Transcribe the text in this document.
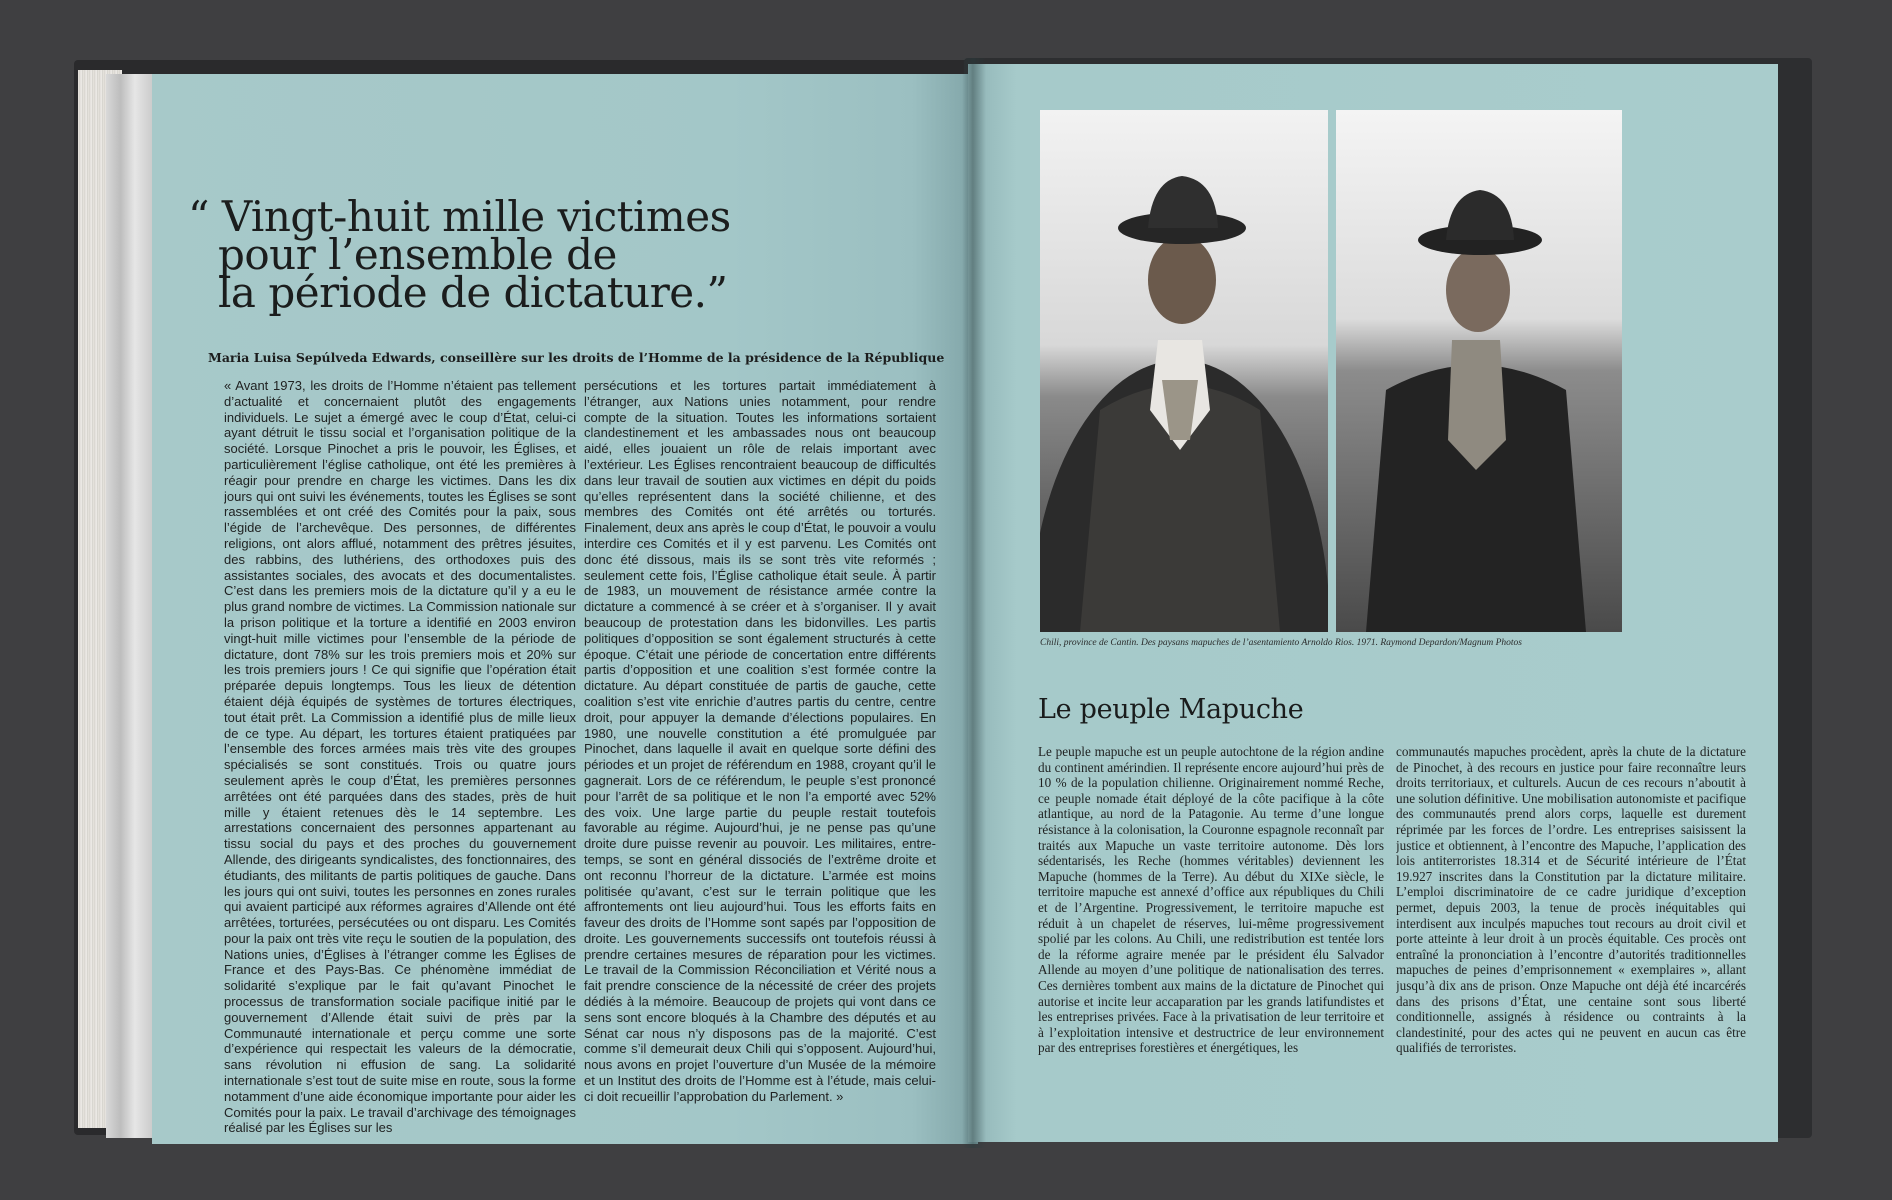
“ Vingt-huit mille victimes
pour l’ensemble de
la période de dictature.”
Maria Luisa Sepúlveda Edwards, conseillère sur les droits de l’Homme de la présidence de la République
« Avant 1973, les droits de l’Homme n’étaient pas tellement d’actualité et concernaient plutôt des engagements individuels. Le sujet a émergé avec le coup d’État, celui-ci ayant détruit le tissu social et l’organisation politique de la société. Lorsque Pinochet a pris le pouvoir, les Églises, et particulièrement l’église catholique, ont été les premières à réagir pour prendre en charge les victimes. Dans les dix jours qui ont suivi les événements, toutes les Églises se sont rassemblées et ont créé des Comités pour la paix, sous l’égide de l’archevêque. Des personnes, de différentes religions, ont alors afflué, notamment des prêtres jésuites, des rabbins, des luthériens, des orthodoxes puis des assistantes sociales, des avocats et des documentalistes. C’est dans les premiers mois de la dictature qu’il y a eu le plus grand nombre de victimes. La Commission nationale sur la prison politique et la torture a identifié en 2003 environ vingt-huit mille victimes pour l’ensemble de la période de dictature, dont 78% sur les trois premiers mois et 20% sur les trois premiers jours ! Ce qui signifie que l’opération était préparée depuis longtemps. Tous les lieux de détention étaient déjà équipés de systèmes de tortures électriques, tout était prêt. La Commission a identifié plus de mille lieux de ce type. Au départ, les tortures étaient pratiquées par l’ensemble des forces armées mais très vite des groupes spécialisés se sont constitués. Trois ou quatre jours seulement après le coup d’État, les premières personnes arrêtées ont été parquées dans des stades, près de huit mille y étaient retenues dès le 14 septembre. Les arrestations concernaient des personnes appartenant au tissu social du pays et des proches du gouvernement Allende, des dirigeants syndicalistes, des fonctionnaires, des étudiants, des militants de partis politiques de gauche. Dans les jours qui ont suivi, toutes les personnes en zones rurales qui avaient participé aux réformes agraires d’Allende ont été arrêtées, torturées, persécutées ou ont disparu. Les Comités pour la paix ont très vite reçu le soutien de la population, des Nations unies, d’Églises à l’étranger comme les Églises de France et des Pays-Bas. Ce phénomène immédiat de solidarité s’explique par le fait qu’avant Pinochet le processus de transformation sociale pacifique initié par le gouvernement d’Allende était suivi de près par la Communauté internationale et perçu comme une sorte d’expérience qui respectait les valeurs de la démocratie, sans révolution ni effusion de sang. La solidarité internationale s’est tout de suite mise en route, sous la forme notamment d’une aide économique importante pour aider les Comités pour la paix. Le travail d’archivage des témoignages réalisé par les Églises sur les
persécutions et les tortures partait immédiatement à l’étranger, aux Nations unies notamment, pour rendre compte de la situation. Toutes les informations sortaient clandestinement et les ambassades nous ont beaucoup aidé, elles jouaient un rôle de relais important avec l’extérieur. Les Églises rencontraient beaucoup de difficultés dans leur travail de soutien aux victimes en dépit du poids qu’elles représentent dans la société chilienne, et des membres des Comités ont été arrêtés ou torturés. Finalement, deux ans après le coup d’État, le pouvoir a voulu interdire ces Comités et il y est parvenu. Les Comités ont donc été dissous, mais ils se sont très vite reformés ; seulement cette fois, l’Église catholique était seule. À partir de 1983, un mouvement de résistance armée contre la dictature a commencé à se créer et à s’organiser. Il y avait beaucoup de protestation dans les bidonvilles. Les partis politiques d’opposition se sont également structurés à cette époque. C’était une période de concertation entre différents partis d’opposition et une coalition s’est formée contre la dictature. Au départ constituée de partis de gauche, cette coalition s’est vite enrichie d’autres partis du centre, centre droit, pour appuyer la demande d’élections populaires. En 1980, une nouvelle constitution a été promulguée par Pinochet, dans laquelle il avait en quelque sorte défini des périodes et un projet de référendum en 1988, croyant qu’il le gagnerait. Lors de ce référendum, le peuple s’est prononcé pour l’arrêt de sa politique et le non l’a emporté avec 52% des voix. Une large partie du peuple restait toutefois favorable au régime. Aujourd’hui, je ne pense pas qu’une droite dure puisse revenir au pouvoir. Les militaires, entre-temps, se sont en général dissociés de l’extrême droite et ont reconnu l’horreur de la dictature. L’armée est moins politisée qu’avant, c’est sur le terrain politique que les affrontements ont lieu aujourd’hui. Tous les efforts faits en faveur des droits de l’Homme sont sapés par l’opposition de droite. Les gouvernements successifs ont toutefois réussi à prendre certaines mesures de réparation pour les victimes. Le travail de la Commission Réconciliation et Vérité nous a fait prendre conscience de la nécessité de créer des projets dédiés à la mémoire. Beaucoup de projets qui vont dans ce sens sont encore bloqués à la Chambre des députés et au Sénat car nous n’y disposons pas de la majorité. C’est comme s’il demeurait deux Chili qui s’opposent. Aujourd’hui, nous avons en projet l’ouverture d’un Musée de la mémoire et un Institut des droits de l’Homme est à l’étude, mais celui-ci doit recueillir l’approbation du Parlement. »
Chili, province de Cantin. Des paysans mapuches de l’asentamiento Arnoldo Rios. 1971. Raymond Depardon/Magnum Photos
Le peuple Mapuche
Le peuple mapuche est un peuple autochtone de la région andine du continent amérindien. Il représente encore aujourd’hui près de 10 % de la population chilienne. Originairement nommé Reche, ce peuple nomade était déployé de la côte pacifique à la côte atlantique, au nord de la Patagonie. Au terme d’une longue résistance à la colonisation, la Couronne espagnole reconnaît par traités aux Mapuche un vaste territoire autonome. Dès lors sédentarisés, les Reche (hommes véritables) deviennent les Mapuche (hommes de la Terre). Au début du XIXe siècle, le territoire mapuche est annexé d’office aux républiques du Chili et de l’Argentine. Progressivement, le territoire mapuche est réduit à un chapelet de réserves, lui-même progressivement spolié par les colons. Au Chili, une redistribution est tentée lors de la réforme agraire menée par le président élu Salvador Allende au moyen d’une politique de nationalisation des terres. Ces dernières tombent aux mains de la dictature de Pinochet qui autorise et incite leur accaparation par les grands latifundistes et les entreprises privées. Face à la privatisation de leur territoire et à l’exploitation intensive et destructrice de leur environnement par des entreprises forestières et énergétiques, les
communautés mapuches procèdent, après la chute de la dictature de Pinochet, à des recours en justice pour faire reconnaître leurs droits territoriaux, et culturels. Aucun de ces recours n’aboutit à une solution définitive. Une mobilisation autonomiste et pacifique des communautés prend alors corps, laquelle est durement réprimée par les forces de l’ordre. Les entreprises saisissent la justice et obtiennent, à l’encontre des Mapuche, l’application des lois antiterroristes 18.314 et de Sécurité intérieure de l’État 19.927 inscrites dans la Constitution par la dictature militaire. L’emploi discriminatoire de ce cadre juridique d’exception permet, depuis 2003, la tenue de procès inéquitables qui interdisent aux inculpés mapuches tout recours au droit civil et porte atteinte à leur droit à un procès équitable. Ces procès ont entraîné la prononciation à l’encontre d’autorités traditionnelles mapuches de peines d’emprisonnement « exemplaires », allant jusqu’à dix ans de prison. Onze Mapuche ont déjà été incarcérés dans des prisons d’État, une centaine sont sous liberté conditionnelle, assignés à résidence ou contraints à la clandestinité, pour des actes qui ne peuvent en aucun cas être qualifiés de terroristes.
